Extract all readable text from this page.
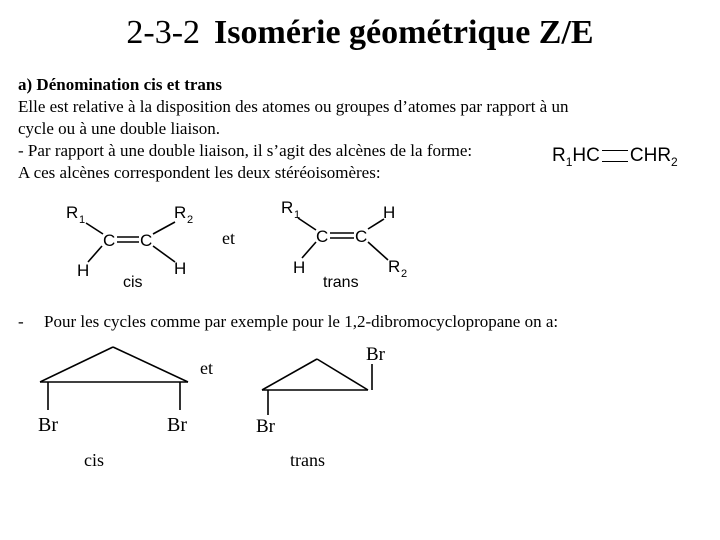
2-3-2 Isomérie géométrique Z/E
a) Dénomination cis et trans
Elle est relative à la disposition des atomes ou groupes d’atomes par rapport à un
cycle ou à une double liaison.
- Par rapport à une double liaison, il s’agit des alcènes de la forme:
A ces alcènes correspondent les deux stéréoisomères:
$R_1HC$ $CHR_2$
R 1	R 2
C C
H	H
cis
et
R 1	H
C C
H	R 2
trans
Br	Br
cis
et
Br
Br
trans
- Pour les cycles comme par exemple pour le 1,2-dibromocyclopropane on a:
